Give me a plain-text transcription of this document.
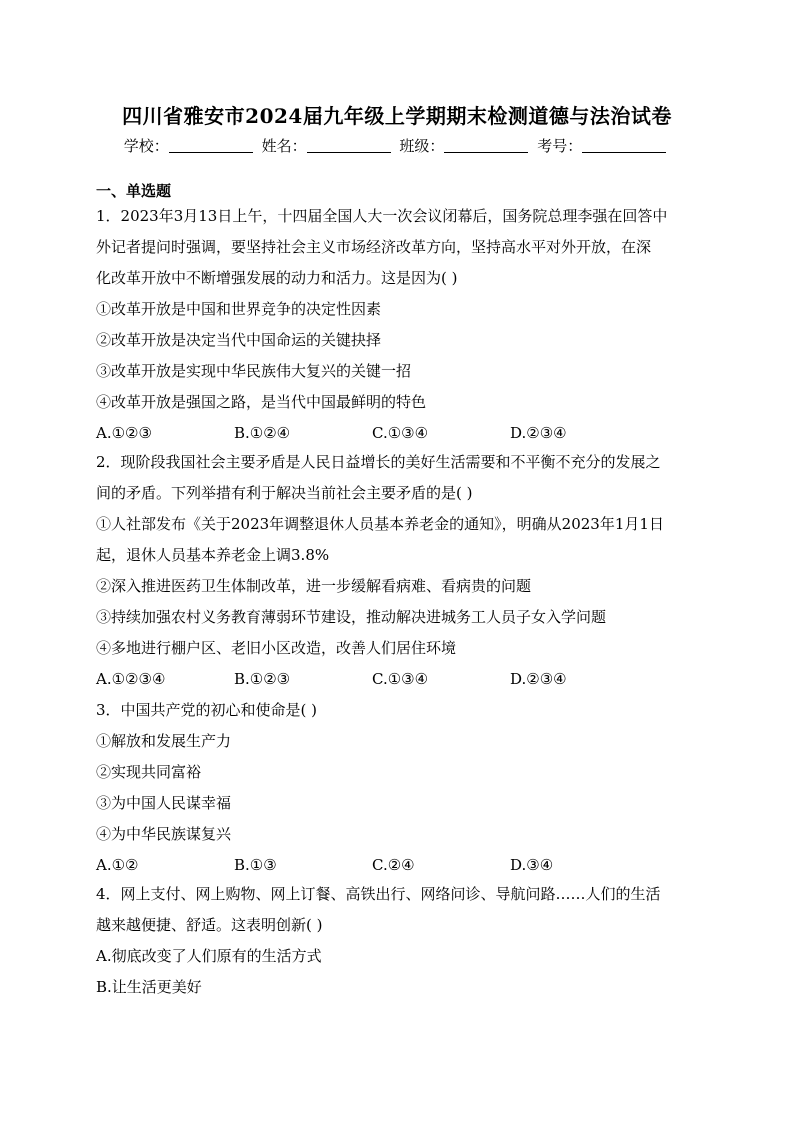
四川省雅安市2024届九年级上学期期末检测道德与法治试卷
学校：	姓名：	班级：	考号：
一、单选题
1．2023年3月13日上午，十四届全国人大一次会议闭幕后，国务院总理李强在回答中
外记者提问时强调，要坚持社会主义市场经济改革方向，坚持高水平对外开放，在深
化改革开放中不断增强发展的动力和活力。这是因为( )
①改革开放是中国和世界竞争的决定性因素
②改革开放是决定当代中国命运的关键抉择
③改革开放是实现中华民族伟大复兴的关键一招
④改革开放是强国之路，是当代中国最鲜明的特色
A.①②③	B.①②④	C.①③④	D.②③④
2．现阶段我国社会主要矛盾是人民日益增长的美好生活需要和不平衡不充分的发展之
间的矛盾。下列举措有利于解决当前社会主要矛盾的是( )
①人社部发布《关于2023年调整退休人员基本养老金的通知》，明确从2023年1月1日
起，退休人员基本养老金上调3.8%
②深入推进医药卫生体制改革，进一步缓解看病难、看病贵的问题
③持续加强农村义务教育薄弱环节建设，推动解决进城务工人员子女入学问题
④多地进行棚户区、老旧小区改造，改善人们居住环境
A.①②③④	B.①②③	C.①③④	D.②③④
3．中国共产党的初心和使命是( )
①解放和发展生产力
②实现共同富裕
③为中国人民谋幸福
④为中华民族谋复兴
A.①②	B.①③	C.②④	D.③④
4．网上支付、网上购物、网上订餐、高铁出行、网络问诊、导航问路……人们的生活
越来越便捷、舒适。这表明创新( )
A.彻底改变了人们原有的生活方式
B.让生活更美好
